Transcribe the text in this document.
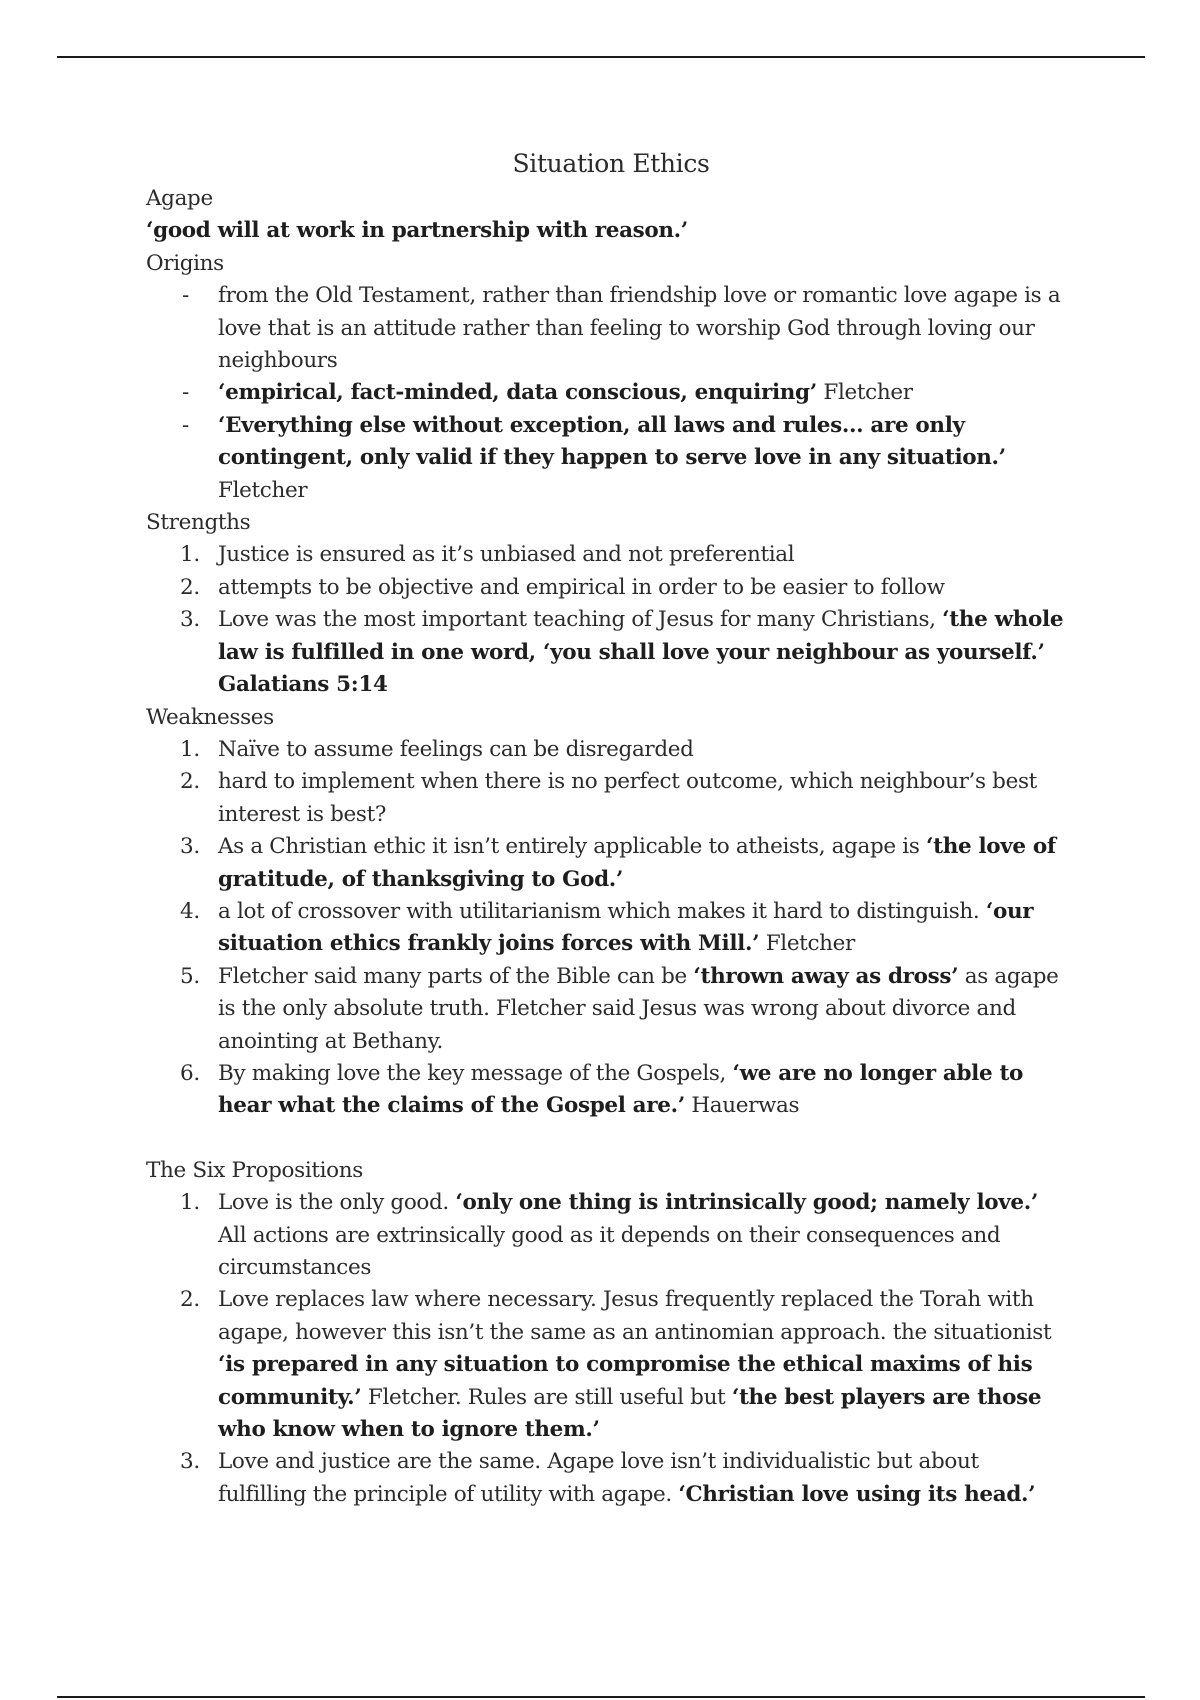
Situation Ethics

Agape

‘good will at work in partnership with reason.’

Origins

-	from the Old Testament, rather than friendship love or romantic love agape is a love that is an attitude rather than feeling to worship God through loving our neighbours
-	‘empirical, fact-minded, data conscious, enquiring’ Fletcher
-	‘Everything else without exception, all laws and rules... are only contingent, only valid if they happen to serve love in any situation.’ Fletcher

Strengths

1. Justice is ensured as it’s unbiased and not preferential
2. attempts to be objective and empirical in order to be easier to follow
3. Love was the most important teaching of Jesus for many Christians, ‘the whole law is fulfilled in one word, ‘you shall love your neighbour as yourself.’ Galatians 5:14

Weaknesses

1. Naïve to assume feelings can be disregarded
2. hard to implement when there is no perfect outcome, which neighbour’s best interest is best?
3. As a Christian ethic it isn’t entirely applicable to atheists, agape is ‘the love of gratitude, of thanksgiving to God.’
4. a lot of crossover with utilitarianism which makes it hard to distinguish. ‘our situation ethics frankly joins forces with Mill.’ Fletcher
5. Fletcher said many parts of the Bible can be ‘thrown away as dross’ as agape is the only absolute truth. Fletcher said Jesus was wrong about divorce and anointing at Bethany.
6. By making love the key message of the Gospels, ‘we are no longer able to hear what the claims of the Gospel are.’ Hauerwas

The Six Propositions

1. Love is the only good. ‘only one thing is intrinsically good; namely love.’ All actions are extrinsically good as it depends on their consequences and circumstances
2. Love replaces law where necessary. Jesus frequently replaced the Torah with agape, however this isn’t the same as an antinomian approach. the situationist ‘is prepared in any situation to compromise the ethical maxims of his community.’ Fletcher. Rules are still useful but ‘the best players are those who know when to ignore them.’
3. Love and justice are the same. Agape love isn’t individualistic but about fulfilling the principle of utility with agape. ‘Christian love using its head.’
